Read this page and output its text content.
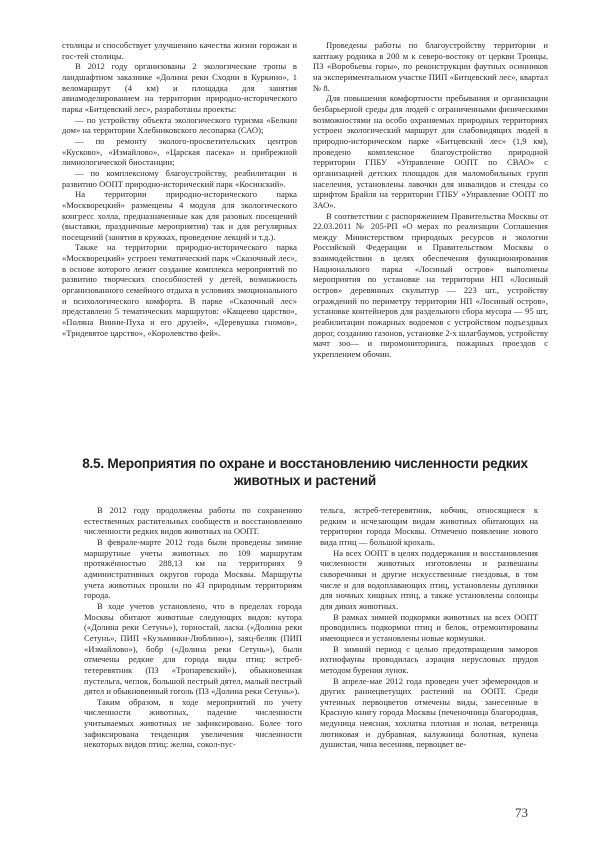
столицы и способствует улучшению качества жизни горожан и гос-тей столицы.

В 2012 году организованы 2 экологические тропы в ландшафтном заказнике «Долина реки Сходни в Куркино», 1 веломаршрут (4 км) и площадка для занятия авиамоделированием на территории природно-исторического парка «Битцевский лес», разработаны проекты:

— по устройству объекта экологического туризма «Белкин дом» на территории Хлебниковского лесопарка (САО);

— по ремонту эколого-просветительских центров «Кусково», «Измайлово», «Царская пасека» и прибрежной лимнологической биостанции;

— по комплексному благоустройству, реабилитации и развитию ООПТ природно-исторический парк «Косинский».

На территории природно-исторического парка «Москворецкий» размещены 4 модуля для экологического конгресс холла, предназначенные как для разовых посещений (выставки, праздничные мероприятия) так и для регулярных посещений (занятия в кружках, проведение лекций и т.д.).

Также на территории природно-исторического парка «Москворецкий» устроен тематический парк «Сказочный лес», в основе которого лежит создание комплекса мероприятий по развитию творческих способностей у детей, возможность организованного семейного отдыха в условиях эмоционального и психологического комфорта. В парке «Сказочный лес» представлено 5 тематических маршрутов: «Кащеево царство», «Поляна Винни-Пуха и его друзей», «Деревушка гномов», «Тридевятое царство», «Королевство фей».

Проведены работы по благоустройству территории и каптажу родника в 200 м к северо-востоку от церкви Троицы, ПЗ «Воробьевы горы», по реконструкции фаутных осинников на экспериментальном участке ПИП «Битцевский лес», квартал № 8.

Для повышения комфортности пребывания и организации безбарьерной среды для людей с ограниченными физическими возможностями на особо охраняемых природных территориях устроен экологический маршрут для слабовидящих людей в природно-историческом парке «Битцевский лес» (1,9 км), проведено комплексное благоустройство природной территории ГПБУ «Управление ООПТ по СВАО» с организацией детских площадок для маломобильных групп населения, установлены лавочки для инвалидов и стенды со шрифтом Брайля на территории ГПБУ «Управление ООПТ по ЗАО».

В соответствии с распоряжением Правительства Москвы от 22.03.2011 № 205-РП «О мерах по реализации Соглашения между Министерством природных ресурсов и экологии Российской Федерации и Правительством Москвы о взаимодействии в целях обеспечения функционирования Национального парка «Лосиный остров» выполнены мероприятия по установке на территории НП «Лосиный остров» деревянных скульптур — 223 шт., устройству ограждений по периметру территории НП «Лосиный остров», установке контейнеров для раздельного сбора мусора — 95 шт, реабилитации пожарных водоемов с устройством подъездных дорог, созданию газонов, установке 2-х шлагбаумов, устройству мачт зоо— и пиромониторинга, пожарных проездов с укреплением обочин.

8.5. Мероприятия по охране и восстановлению численности редких животных и растений

В 2012 году продолжены работы по сохранению естественных растительных сообществ и восстановлению численности редких видов животных на ООПТ.

В феврале-марте 2012 года были проведены зимние маршрутные учеты животных по 109 маршрутам протяжённостью 288,13 км на территориях 9 административных округов города Москвы. Маршруты учета животных прошли по 43 природным территориям города.

В ходе учетов установлено, что в пределах города Москвы обитают животные следующих видов: кутора («Долина реки Сетунь»), горностай, ласка («Долина реки Сетунь», ПИП «Кузьминки-Люблино»), заяц-беляк (ПИП «Измайлово»), бобр («Долина реки Сетунь»), были отмечены редкие для города виды птиц: ястреб-тетеревятник (ПЗ «Тропаревский»), обыкновенная пустельга, чеглок, большой пестрый дятел, малый пестрый дятел и обыкновенный гоголь (ПЗ «Долина реки Сетунь»).

Таким образом, в ходе мероприятий по учету численности животных, падение численности учитываемых животных не зафиксировано. Более того зафиксирована тенденция увеличения численности некоторых видов птиц: желна, сокол-пус-

тельга, ястреб-тетеревятник, кобчик, относящиеся к редким и исчезающим видам животных обитающих на территории города Москвы. Отмечено появление нового вида птиц — большой крохаль.

На всех ООПТ в целях поддержания и восстановления численности животных изготовлены и развешаны скворечники и другие искусственные гнездовья, в том числе и для водоплавающих птиц, установлены дуплянки для ночных хищных птиц, а также установлены солонцы для диких животных.

В рамках зимней подкормки животных на всех ООПТ проводились подкормки птиц и белок, отремонтированы имеющиеся и установлены новые кормушки.

В зимний период с целью предотвращения заморов ихтиофауны проводилась аэрация нерусловых прудов методом бурения лунок.

В апреле-мае 2012 года проведен учет эфемероидов и других раннецветущих растений на ООПТ. Среди учтенных первоцветов отмечены виды, занесенные в Красную книгу города Москвы (печеночница благородная, медуница неясная, хохлатка плотная и полая, ветреница лютиковая и дубравная, калужница болотная, купена душистая, чина весенняя, первоцвет ве-

73
